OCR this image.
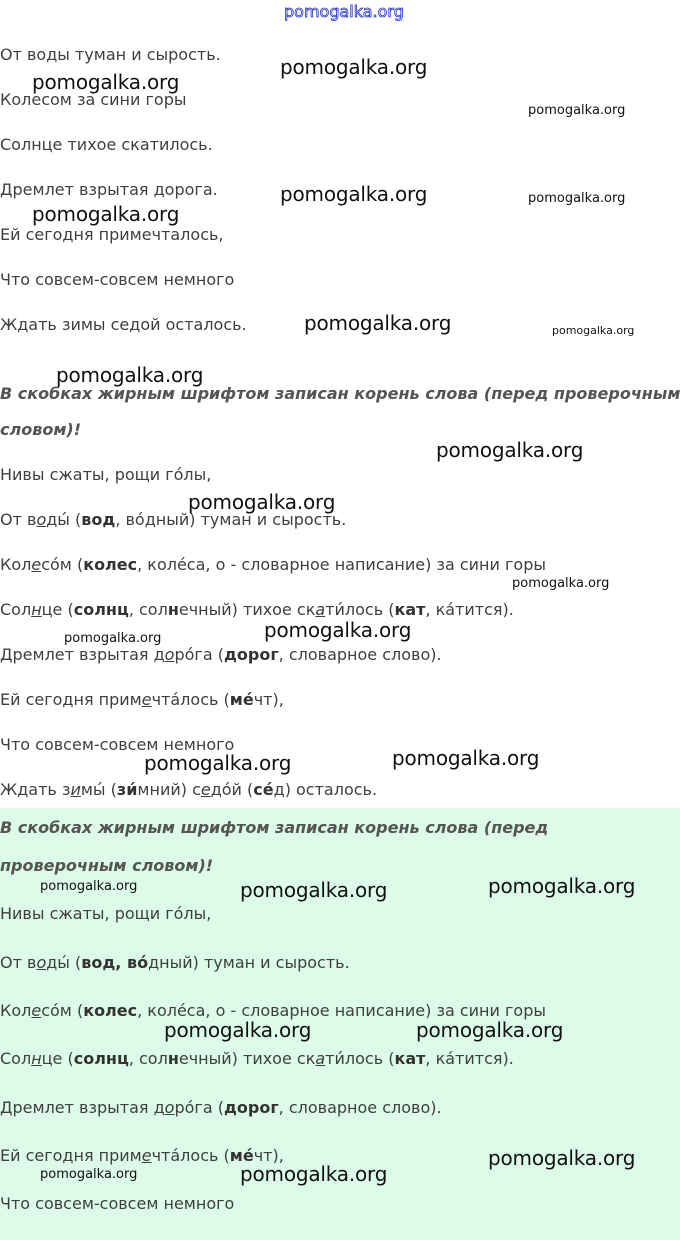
pomogalka.org
От воды туман и сырость.
Колесом за сини горы
Солнце тихое скатилось.
Дремлет взрытая дорога.
Ей сегодня примечталось,
Что совсем-совсем немного
Ждать зимы седой осталось.
В скобках жирным шрифтом записан корень слова (перед проверочным
словом)!
Нивы сжаты, рощи го́лы,
От воды́ (вод, во́дный) туман и сырость.
Колесо́м (колес, коле́са, о - словарное написание) за сини горы
Солнце (солнц, солнечный) тихое скати́лось (кат, ка́тится).
Дремлет взрытая доро́га (дорог, словарное слово).
Ей сегодня примечта́лось (ме́чт),
Что совсем-совсем немного
Ждать зимы́ (зи́мний) седо́й (се́д) осталось.
В скобках жирным шрифтом записан корень слова (перед
проверочным словом)!
Нивы сжаты, рощи го́лы,
От воды́ (вод, во́дный) туман и сырость.
Колесо́м (колес, коле́са, о - словарное написание) за сини горы
Солнце (солнц, солнечный) тихое скати́лось (кат, ка́тится).
Дремлет взрытая доро́га (дорог, словарное слово).
Ей сегодня примечта́лось (ме́чт),
Что совсем-совсем немного
pomogalka.org
pomogalka.org
pomogalka.org
pomogalka.org	pomogalka.org
pomogalka.org
pomogalka.org	pomogalka.org
pomogalka.org
pomogalka.org
pomogalka.org
pomogalka.org
pomogalka.org
pomogalka.org
pomogalka.org
pomogalka.org
pomogalka.org	pomogalka.org	pomogalka.org
pomogalka.org	pomogalka.org
pomogalka.org	pomogalka.org
pomogalka.org
